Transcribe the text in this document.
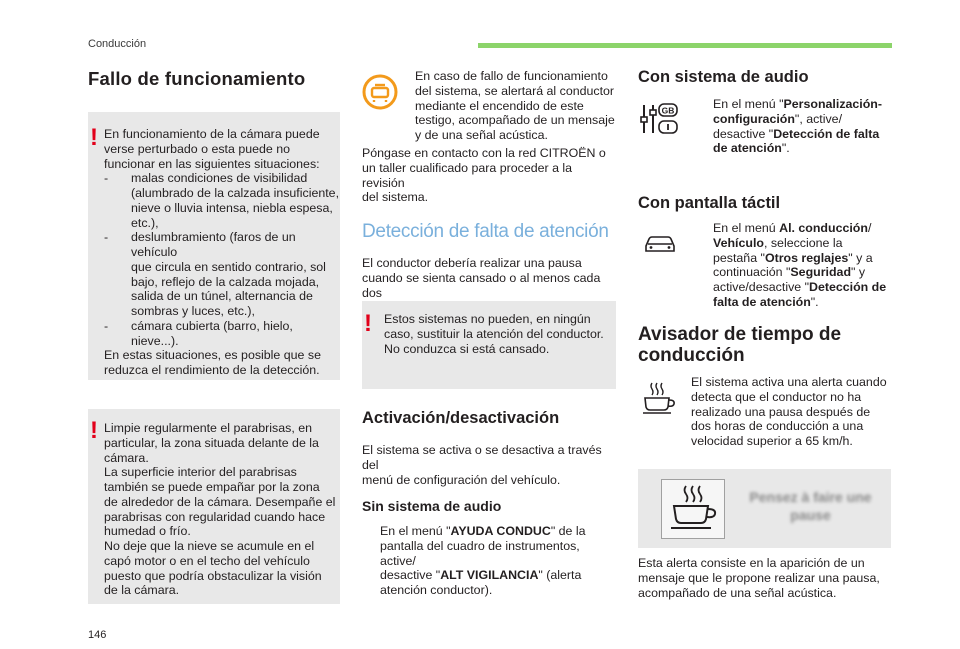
Conducción
Fallo de funcionamiento
! En funcionamiento de la cámara puede
verse perturbado o esta puede no
funcionar en las siguientes situaciones:
- malas condiciones de visibilidad
(alumbrado de la calzada insuficiente,
nieve o lluvia intensa, niebla espesa,
etc.),
- deslumbramiento (faros de un vehículo
que circula en sentido contrario, sol
bajo, reflejo de la calzada mojada,
salida de un túnel, alternancia de
sombras y luces, etc.),
- cámara cubierta (barro, hielo, nieve...).
En estas situaciones, es posible que se
reduzca el rendimiento de la detección.
! Limpie regularmente el parabrisas, en
particular, la zona situada delante de la
cámara.
La superficie interior del parabrisas
también se puede empañar por la zona
de alrededor de la cámara. Desempañe el
parabrisas con regularidad cuando hace
humedad o frío.
No deje que la nieve se acumule en el
capó motor o en el techo del vehículo
puesto que podría obstaculizar la visión
de la cámara.
En caso de fallo de funcionamiento
del sistema, se alertará al conductor
mediante el encendido de este
testigo, acompañado de un mensaje
y de una señal acústica.
Póngase en contacto con la red CITROËN o
un taller cualificado para proceder a la revisión
del sistema.
Detección de falta de atención
El conductor debería realizar una pausa
cuando se sienta cansado o al menos cada dos

! Estos sistemas no pueden, en ningún
caso, sustituir la atención del conductor.
No conduzca si está cansado.
Activación/desactivación
El sistema se activa o se desactiva a través del
menú de configuración del vehículo.
Sin sistema de audio
En el menú "AYUDA CONDUC" de la
pantalla del cuadro de instrumentos, active/
desactive "ALT VIGILANCIA" (alerta
atención conductor).
Con sistema de audio
GB	En el menú "Personalización-
configuración", active/
desactive "Detección de falta
de atención".
Con pantalla táctil
En el menú Al. conducción/
Vehículo, seleccione la
pestaña "Otros reglajes" y a
continuación "Seguridad" y
active/desactive "Detección de
falta de atención".
Avisador de tiempo de
conducción
El sistema activa una alerta cuando
detecta que el conductor no ha
realizado una pausa después de
dos horas de conducción a una
velocidad superior a 65 km/h.
Pensez à faire une
pause
Esta alerta consiste en la aparición de un
mensaje que le propone realizar una pausa,
acompañado de una señal acústica.
146
